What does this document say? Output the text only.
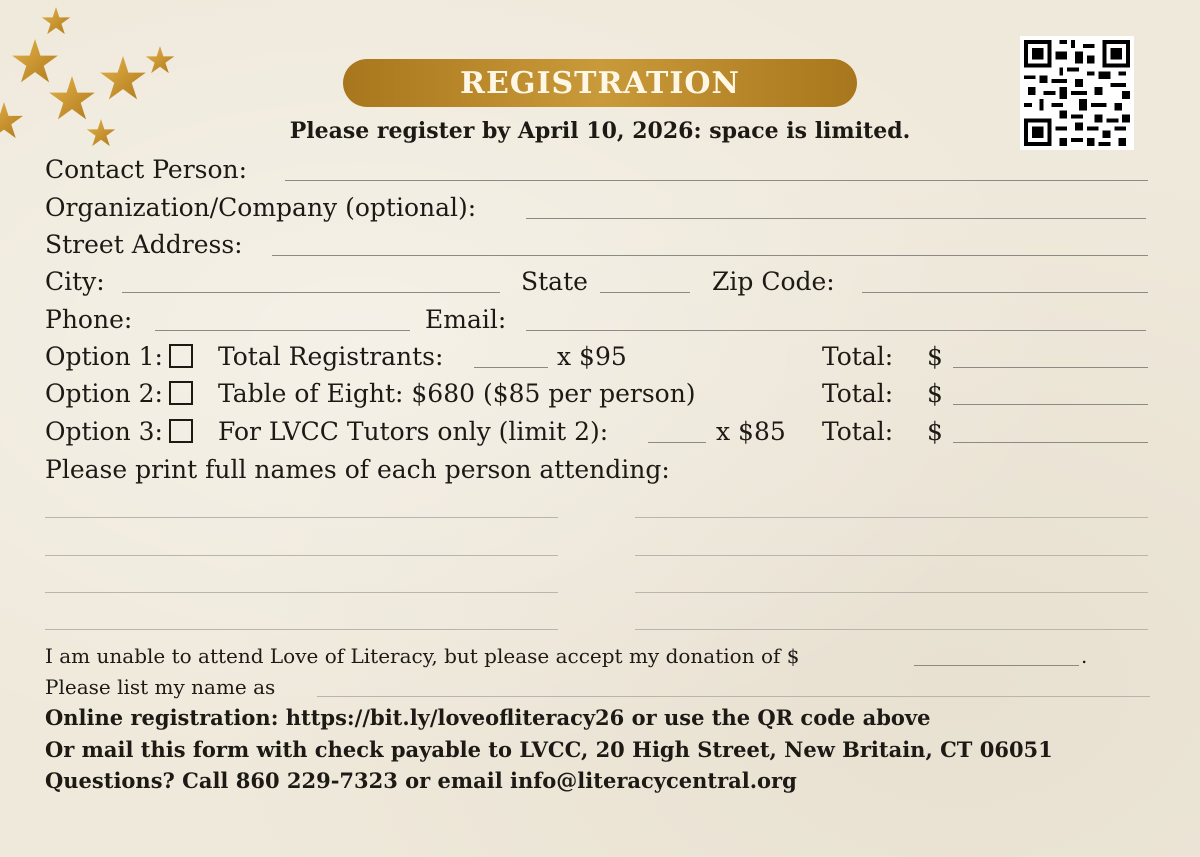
REGISTRATION
Please register by April 10, 2026: space is limited.
Contact Person:
Organization/Company (optional):
Street Address:
City:	State	Zip Code:
Phone:	Email:
Option 1:	Total Registrants:	x $95	Total: $
Option 2:	Table of Eight: $680 ($85 per person)	Total: $
Option 3:	For LVCC Tutors only (limit 2):	x $85 Total: $
Please print full names of each person attending:
I am unable to attend Love of Literacy, but please accept my donation of $	.
Please list my name as
Online registration: https://bit.ly/loveofliteracy26 or use the QR code above
Or mail this form with check payable to LVCC, 20 High Street, New Britain, CT 06051
Questions? Call 860 229-7323 or email info@literacycentral.org
